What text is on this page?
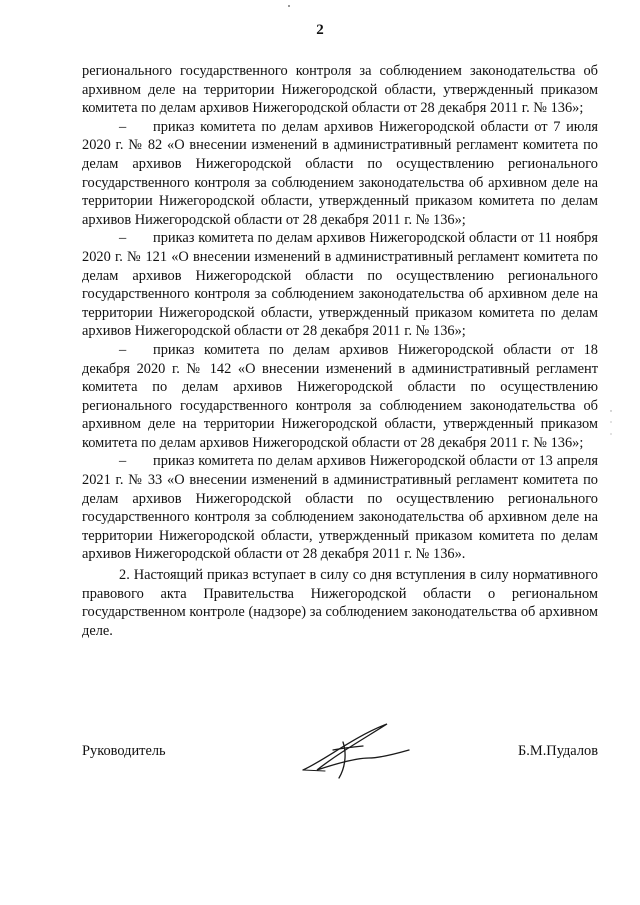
2

регионального государственного контроля за соблюдением законодательства об архивном деле на территории Нижегородской области, утвержденный приказом комитета по делам архивов Нижегородской области от 28 декабря 2011 г. № 136»;

– приказ комитета по делам архивов Нижегородской области от 7 июля 2020 г. № 82 «О внесении изменений в административный регламент комитета по делам архивов Нижегородской области по осуществлению регионального государственного контроля за соблюдением законодательства об архивном деле на территории Нижегородской области, утвержденный приказом комитета по делам архивов Нижегородской области от 28 декабря 2011 г. № 136»;

– приказ комитета по делам архивов Нижегородской области от 11 ноября 2020 г. № 121 «О внесении изменений в административный регламент комитета по делам архивов Нижегородской области по осуществлению регионального государственного контроля за соблюдением законодательства об архивном деле на территории Нижегородской области, утвержденный приказом комитета по делам архивов Нижегородской области от 28 декабря 2011 г. № 136»;

– приказ комитета по делам архивов Нижегородской области от 18 декабря 2020 г. № 142 «О внесении изменений в административный регламент комитета по делам архивов Нижегородской области по осуществлению регионального государственного контроля за соблюдением законодательства об архивном деле на территории Нижегородской области, утвержденный приказом комитета по делам архивов Нижегородской области от 28 декабря 2011 г. № 136»;

– приказ комитета по делам архивов Нижегородской области от 13 апреля 2021 г. № 33 «О внесении изменений в административный регламент комитета по делам архивов Нижегородской области по осуществлению регионального государственного контроля за соблюдением законодательства об архивном деле на территории Нижегородской области, утвержденный приказом комитета по делам архивов Нижегородской области от 28 декабря 2011 г. № 136».

2. Настоящий приказ вступает в силу со дня вступления в силу нормативного правового акта Правительства Нижегородской области о региональном государственном контроле (надзоре) за соблюдением законодательства об архивном деле.

Руководитель	Б.М.Пудалов
